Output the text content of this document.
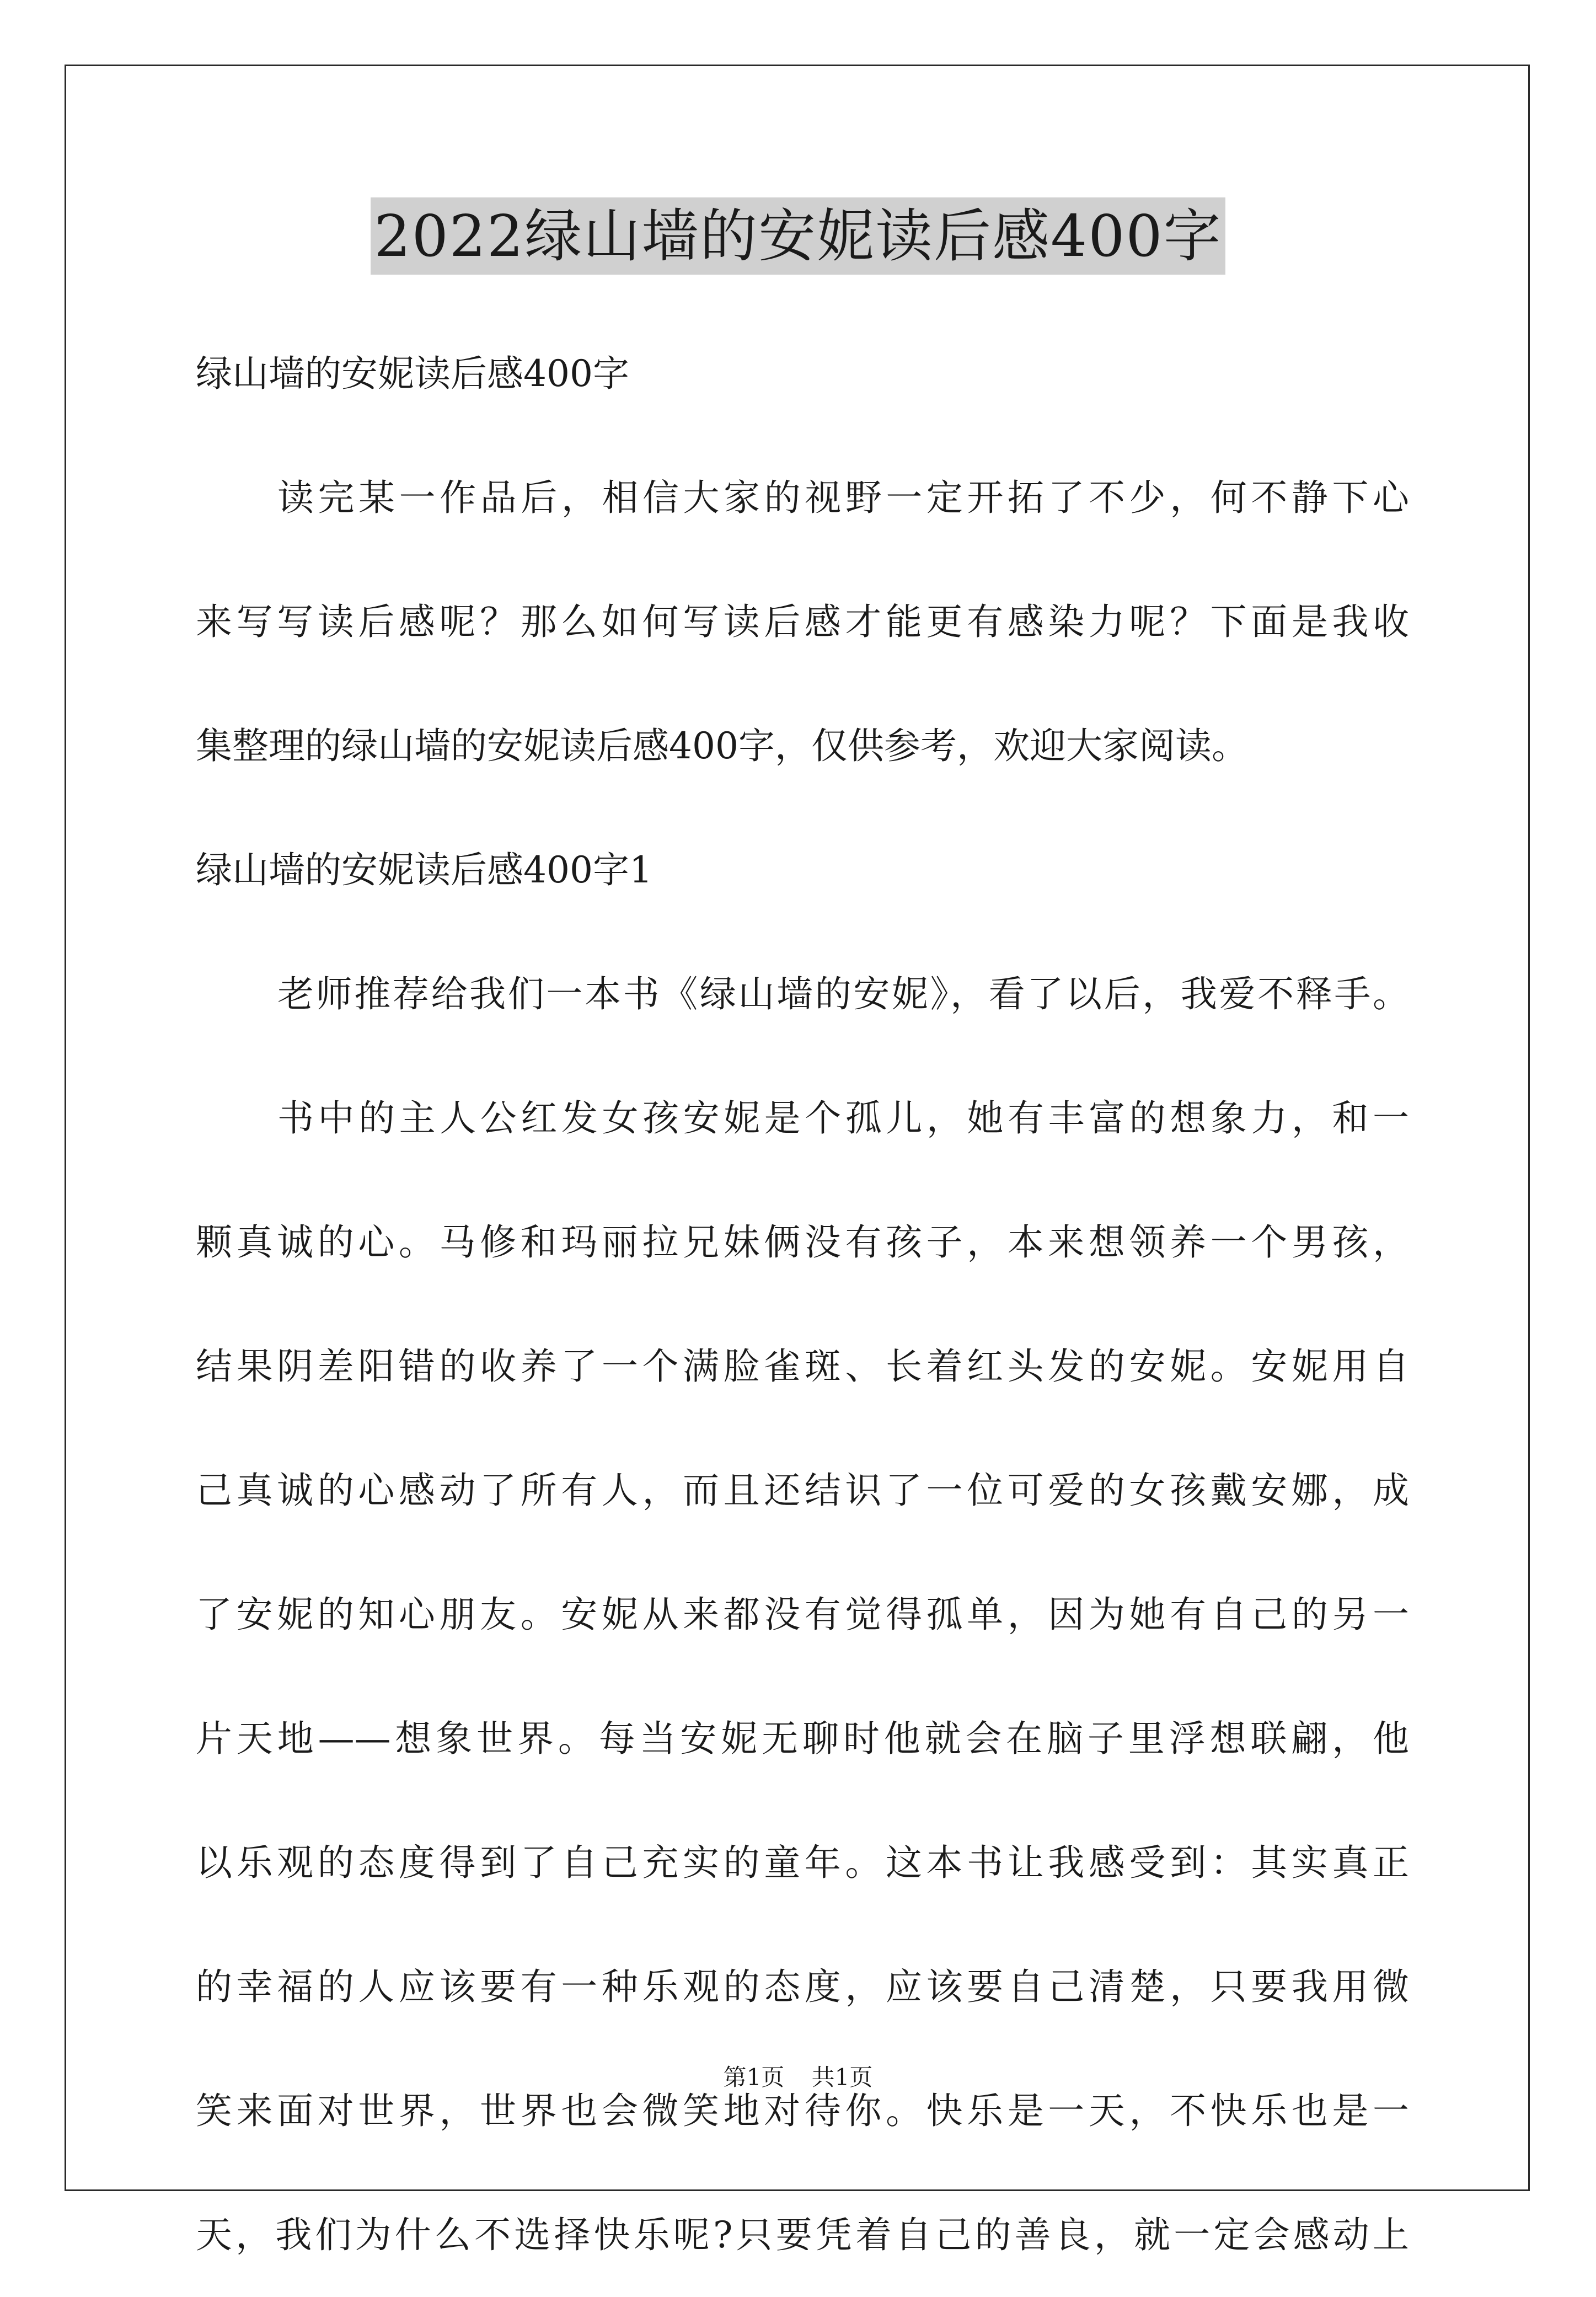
2022绿山墙的安妮读后感400字
绿山墙的安妮读后感400字
读完某一作品后，相信大家的视野一定开拓了不少，何不静下心
来写写读后感呢？那么如何写读后感才能更有感染力呢？下面是我收
集整理的绿山墙的安妮读后感400字，仅供参考，欢迎大家阅读。
绿山墙的安妮读后感400字1
老师推荐给我们一本书《绿山墙的安妮》，看了以后，我爱不释手。
书中的主人公红发女孩安妮是个孤儿，她有丰富的想象力，和一
颗真诚的心。马修和玛丽拉兄妹俩没有孩子，本来想领养一个男孩，
结果阴差阳错的收养了一个满脸雀斑、长着红头发的安妮。安妮用自
己真诚的心感动了所有人，而且还结识了一位可爱的女孩戴安娜，成
了安妮的知心朋友。安妮从来都没有觉得孤单，因为她有自己的另一
片天地——想象世界。每当安妮无聊时他就会在脑子里浮想联翩，他
以乐观的态度得到了自己充实的童年。这本书让我感受到：其实真正
的幸福的人应该要有一种乐观的态度，应该要自己清楚，只要我用微
笑来面对世界，世界也会微笑地对待你。快乐是一天，不快乐也是一
天，我们为什么不选择快乐呢?只要凭着自己的善良，就一定会感动上
第1页 共1页
